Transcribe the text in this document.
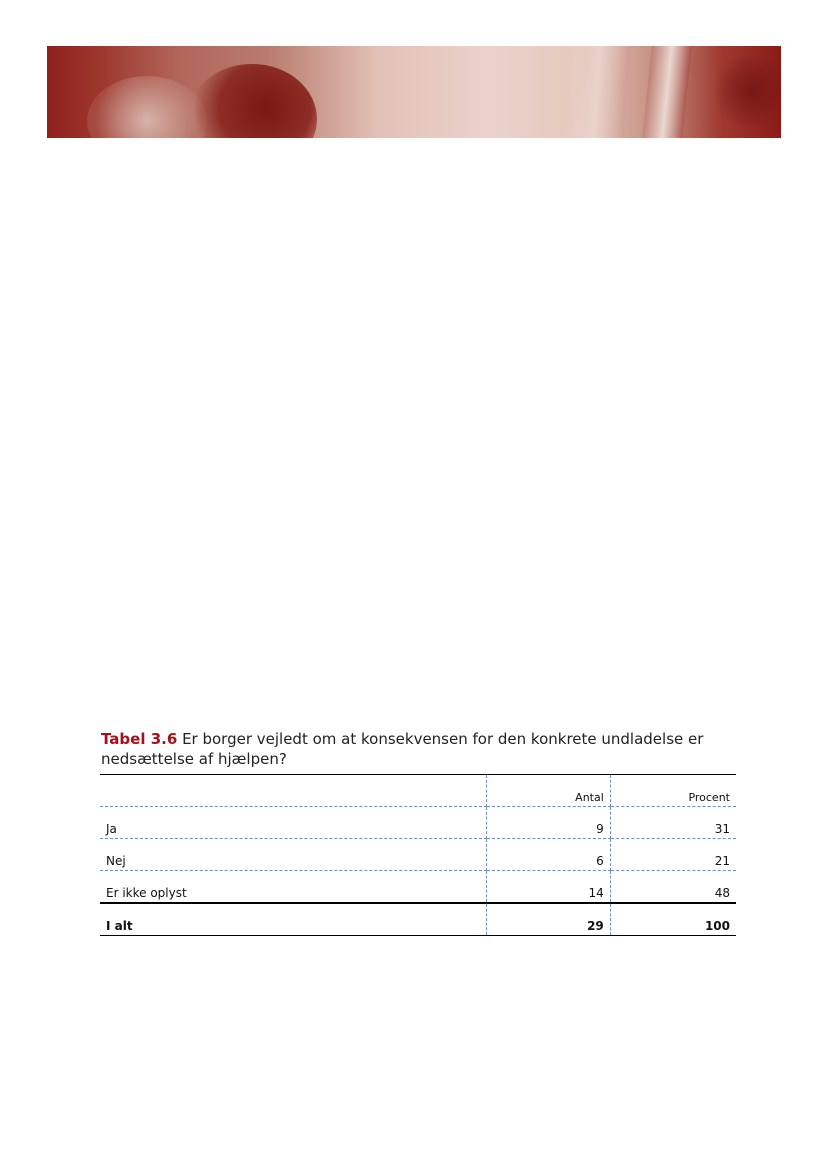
Tabel 3.6 Er borger vejledt om at konsekvensen for den konkrete undladelse er nedsættelse af hjælpen?
	Antal	Procent
Ja	9	31
Nej	6	21
Er ikke oplyst	14	48
I alt	29	100
